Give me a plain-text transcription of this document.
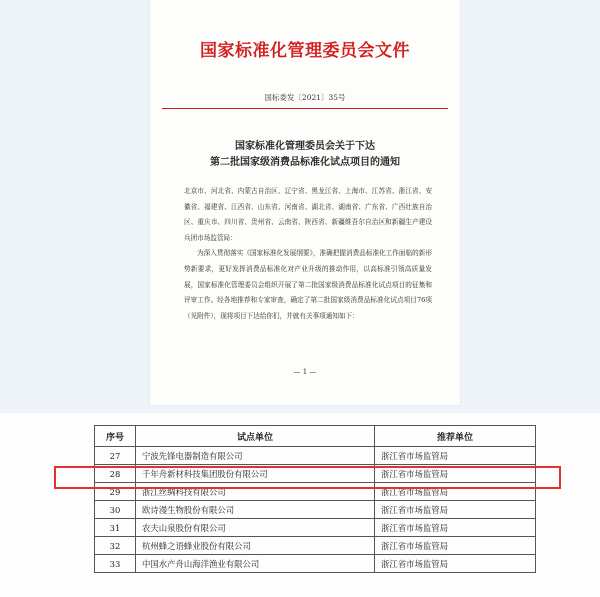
国家标准化管理委员会文件
国标委发〔2021〕35号
国家标准化管理委员会关于下达
第二批国家级消费品标准化试点项目的通知

北京市、河北省、内蒙古自治区、辽宁省、黑龙江省、上海市、江苏省、浙江省、安徽省、福建省、江西省、山东省、河南省、湖北省、湖南省、广东省、广西壮族自治区、重庆市、四川省、贵州省、云南省、陕西省、新疆维吾尔自治区和新疆生产建设兵团市场监管局：

为深入贯彻落实《国家标准化发展纲要》，准确把握消费品标准化工作面临的新形势新要求，更好发挥消费品标准化对产业升级的推动作用，以高标准引领高质量发展，国家标准化管理委员会组织开展了第二批国家级消费品标准化试点项目的征集和评审工作。经各地推荐和专家审查，确定了第二批国家级消费品标准化试点项目76项（见附件），现将项目下达给你们，并就有关事项通知如下：

— 1 —
序号	试点单位	推荐单位
27	宁波先锋电器制造有限公司	浙江省市场监管局
28	千年舟新材科技集团股份有限公司	浙江省市场监管局
29	浙江丝绸科技有限公司	浙江省市场监管局
30	欧诗漫生物股份有限公司	浙江省市场监管局
31	农夫山泉股份有限公司	浙江省市场监管局
32	杭州蜂之语蜂业股份有限公司	浙江省市场监管局
33	中国水产舟山海洋渔业有限公司	浙江省市场监管局
